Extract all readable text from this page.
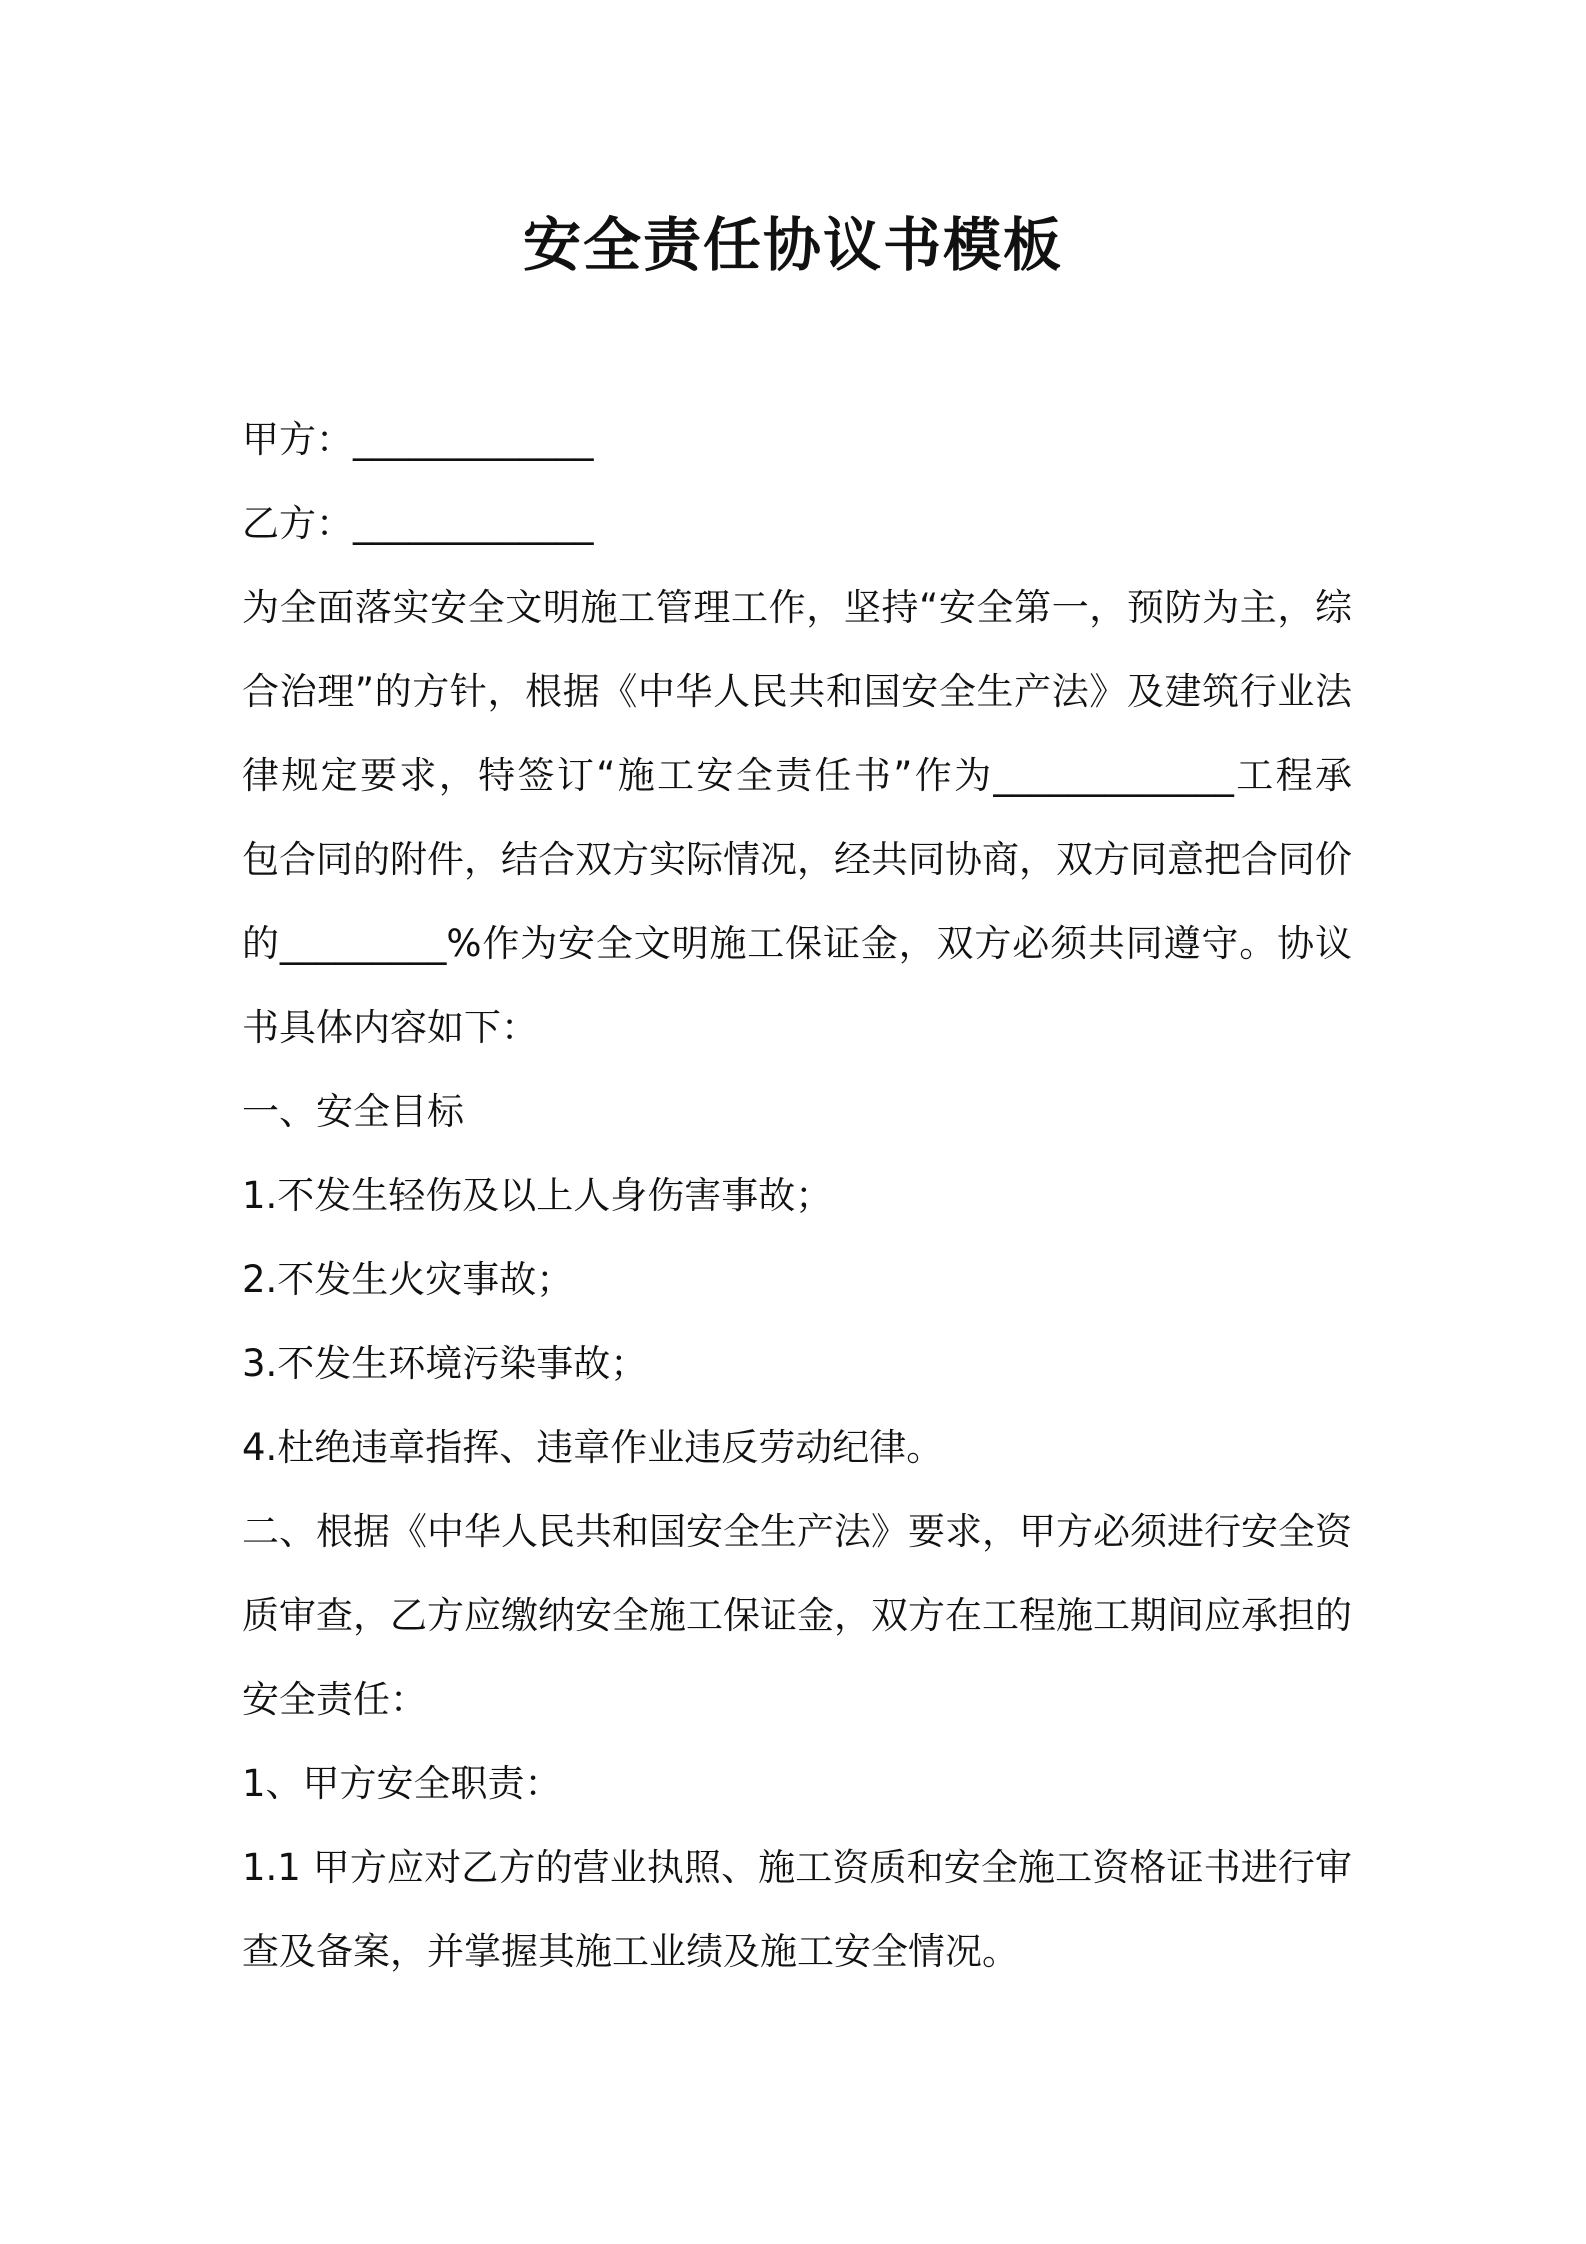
安全责任协议书模板

甲方：_____________

乙方：_____________

为全面落实安全文明施工管理工作，坚持“安全第一，预防为主，综

合治理”的方针，根据《中华人民共和国安全生产法》及建筑行业法

律规定要求，特签订“施工安全责任书”作为_____________工程承

包合同的附件，结合双方实际情况，经共同协商，双方同意把合同价

的_________%作为安全文明施工保证金，双方必须共同遵守。协议

书具体内容如下：

一、安全目标

1.不发生轻伤及以上人身伤害事故；

2.不发生火灾事故；

3.不发生环境污染事故；

4.杜绝违章指挥、违章作业违反劳动纪律。

二、根据《中华人民共和国安全生产法》要求，甲方必须进行安全资

质审查，乙方应缴纳安全施工保证金，双方在工程施工期间应承担的

安全责任：

1、甲方安全职责：

1.1 甲方应对乙方的营业执照、施工资质和安全施工资格证书进行审

查及备案，并掌握其施工业绩及施工安全情况。
